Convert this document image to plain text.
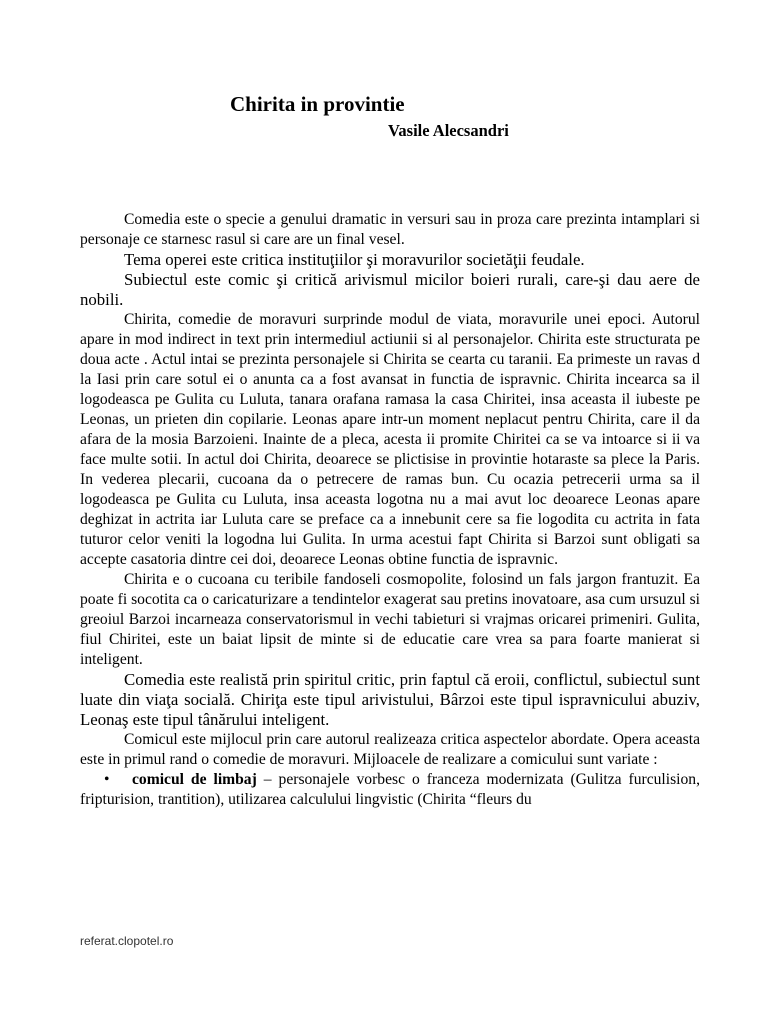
Chirita in provintie
Vasile Alecsandri

Comedia este o specie a genului dramatic in versuri sau in proza care prezinta intamplari si personaje ce starnesc rasul si care are un final vesel.

Tema operei este critica instituţiilor şi moravurilor societăţii feudale.

Subiectul este comic şi critică arivismul micilor boieri rurali, care-şi dau aere de nobili.

Chirita, comedie de moravuri surprinde modul de viata, moravurile unei epoci. Autorul apare in mod indirect in text prin intermediul actiunii si al personajelor. Chirita este structurata pe doua acte . Actul intai se prezinta personajele si Chirita se cearta cu taranii. Ea primeste un ravas d la Iasi prin care sotul ei o anunta ca a fost avansat in functia de ispravnic. Chirita incearca sa il logodeasca pe Gulita cu Luluta, tanara orafana ramasa la casa Chiritei, insa aceasta il iubeste pe Leonas, un prieten din copilarie. Leonas apare intr-un moment neplacut pentru Chirita, care il da afara de la mosia Barzoieni. Inainte de a pleca, acesta ii promite Chiritei ca se va intoarce si ii va face multe sotii. In actul doi Chirita, deoarece se plictisise in provintie hotaraste sa plece la Paris. In vederea plecarii, cucoana da o petrecere de ramas bun. Cu ocazia petrecerii urma sa il logodeasca pe Gulita cu Luluta, insa aceasta logotna nu a mai avut loc deoarece Leonas apare deghizat in actrita iar Luluta care se preface ca a innebunit cere sa fie logodita cu actrita in fata tuturor celor veniti la logodna lui Gulita. In urma acestui fapt Chirita si Barzoi sunt obligati sa accepte casatoria dintre cei doi, deoarece Leonas obtine functia de ispravnic.

Chirita e o cucoana cu teribile fandoseli cosmopolite, folosind un fals jargon frantuzit. Ea poate fi socotita ca o caricaturizare a tendintelor exagerat sau pretins inovatoare, asa cum ursuzul si greoiul Barzoi incarneaza conservatorismul in vechi tabieturi si vrajmas oricarei primeniri. Gulita, fiul Chiritei, este un baiat lipsit de minte si de educatie care vrea sa para foarte manierat si inteligent.

Comedia este realistă prin spiritul critic, prin faptul că eroii, conflictul, subiectul sunt luate din viaţa socială. Chiriţa este tipul arivistului, Bârzoi este tipul ispravnicului abuziv, Leonaş este tipul tânărului inteligent.

Comicul este mijlocul prin care autorul realizeaza critica aspectelor abordate. Opera aceasta este in primul rand o comedie de moravuri. Mijloacele de realizare a comicului sunt variate :

•	comicul de limbaj – personajele vorbesc o franceza modernizata (Gulitza furculision, fripturision, trantition), utilizarea calculului lingvistic (Chirita “fleurs du
referat.clopotel.ro
